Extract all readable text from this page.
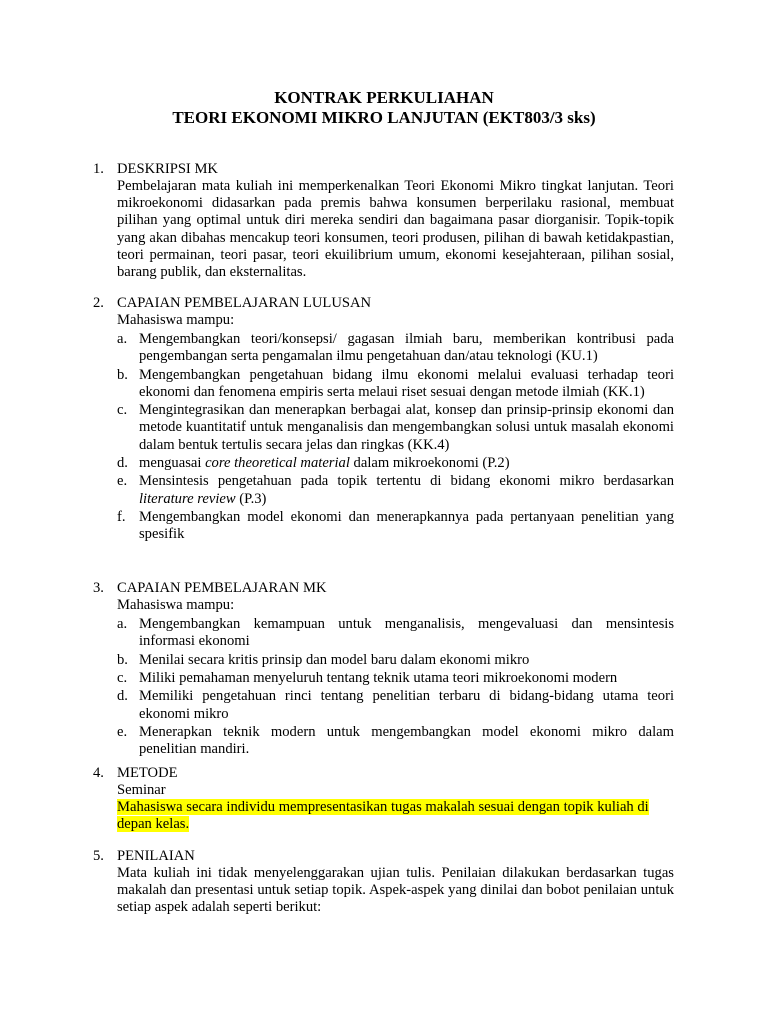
KONTRAK PERKULIAHAN
TEORI EKONOMI MIKRO LANJUTAN (EKT803/3 sks)
1. DESKRIPSI MK
Pembelajaran mata kuliah ini memperkenalkan Teori Ekonomi Mikro tingkat lanjutan. Teori mikroekonomi didasarkan pada premis bahwa konsumen berperilaku rasional, membuat pilihan yang optimal untuk diri mereka sendiri dan bagaimana pasar diorganisir. Topik-topik yang akan dibahas mencakup teori konsumen, teori produsen, pilihan di bawah ketidakpastian, teori permainan, teori pasar, teori ekuilibrium umum, ekonomi kesejahteraan, pilihan sosial, barang publik, dan eksternalitas.
2. CAPAIAN PEMBELAJARAN LULUSAN
Mahasiswa mampu:
a. Mengembangkan teori/konsepsi/ gagasan ilmiah baru, memberikan kontribusi pada pengembangan serta pengamalan ilmu pengetahuan dan/atau teknologi (KU.1)
b. Mengembangkan pengetahuan bidang ilmu ekonomi melalui evaluasi terhadap teori ekonomi dan fenomena empiris serta melaui riset sesuai dengan metode ilmiah (KK.1)
c. Mengintegrasikan dan menerapkan berbagai alat, konsep dan prinsip-prinsip ekonomi dan metode kuantitatif untuk menganalisis dan mengembangkan solusi untuk masalah ekonomi dalam bentuk tertulis secara jelas dan ringkas (KK.4)
d. menguasai core theoretical material dalam mikroekonomi (P.2)
e. Mensintesis pengetahuan pada topik tertentu di bidang ekonomi mikro berdasarkan literature review (P.3)
f. Mengembangkan model ekonomi dan menerapkannya pada pertanyaan penelitian yang spesifik
3. CAPAIAN PEMBELAJARAN MK
Mahasiswa mampu:
a. Mengembangkan kemampuan untuk menganalisis, mengevaluasi dan mensintesis informasi ekonomi
b. Menilai secara kritis prinsip dan model baru dalam ekonomi mikro
c. Miliki pemahaman menyeluruh tentang teknik utama teori mikroekonomi modern
d. Memiliki pengetahuan rinci tentang penelitian terbaru di bidang-bidang utama teori ekonomi mikro
e. Menerapkan teknik modern untuk mengembangkan model ekonomi mikro dalam penelitian mandiri.
4. METODE
Seminar
Mahasiswa secara individu mempresentasikan tugas makalah sesuai dengan topik kuliah di depan kelas.
5. PENILAIAN
Mata kuliah ini tidak menyelenggarakan ujian tulis. Penilaian dilakukan berdasarkan tugas makalah dan presentasi untuk setiap topik. Aspek-aspek yang dinilai dan bobot penilaian untuk setiap aspek adalah seperti berikut:
